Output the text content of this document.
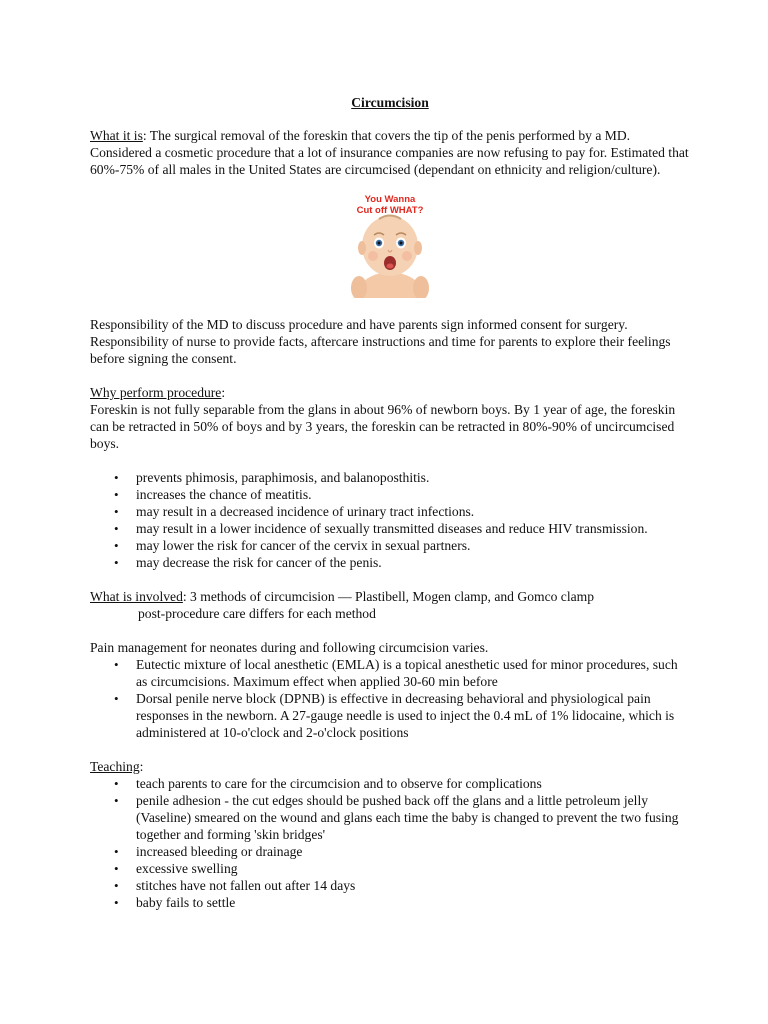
Circumcision

What it is: The surgical removal of the foreskin that covers the tip of the penis performed by a MD. Considered a cosmetic procedure that a lot of insurance companies are now refusing to pay for. Estimated that 60%-75% of all males in the United States are circumcised (dependant on ethnicity and religion/culture).

You Wanna
Cut off WHAT?

Responsibility of the MD to discuss procedure and have parents sign informed consent for surgery. Responsibility of nurse to provide facts, aftercare instructions and time for parents to explore their feelings before signing the consent.

Why perform procedure:

Foreskin is not fully separable from the glans in about 96% of newborn boys. By 1 year of age, the foreskin can be retracted in 50% of boys and by 3 years, the foreskin can be retracted in 80%-90% of uncircumcised boys.

• prevents phimosis, paraphimosis, and balanoposthitis.
• increases the chance of meatitis.
• may result in a decreased incidence of urinary tract infections.
• may result in a lower incidence of sexually transmitted diseases and reduce HIV transmission.
• may lower the risk for cancer of the cervix in sexual partners.
• may decrease the risk for cancer of the penis.

What is involved: 3 methods of circumcision — Plastibell, Mogen clamp, and Gomco clamp

post-procedure care differs for each method

Pain management for neonates during and following circumcision varies.

• Eutectic mixture of local anesthetic (EMLA) is a topical anesthetic used for minor procedures, such as circumcisions. Maximum effect when applied 30-60 min before
• Dorsal penile nerve block (DPNB) is effective in decreasing behavioral and physiological pain responses in the newborn. A 27-gauge needle is used to inject the 0.4 mL of 1% lidocaine, which is administered at 10-o'clock and 2-o'clock positions

Teaching:

• teach parents to care for the circumcision and to observe for complications
• penile adhesion - the cut edges should be pushed back off the glans and a little petroleum jelly (Vaseline) smeared on the wound and glans each time the baby is changed to prevent the two fusing together and forming 'skin bridges'
• increased bleeding or drainage
• excessive swelling
• stitches have not fallen out after 14 days
• baby fails to settle
